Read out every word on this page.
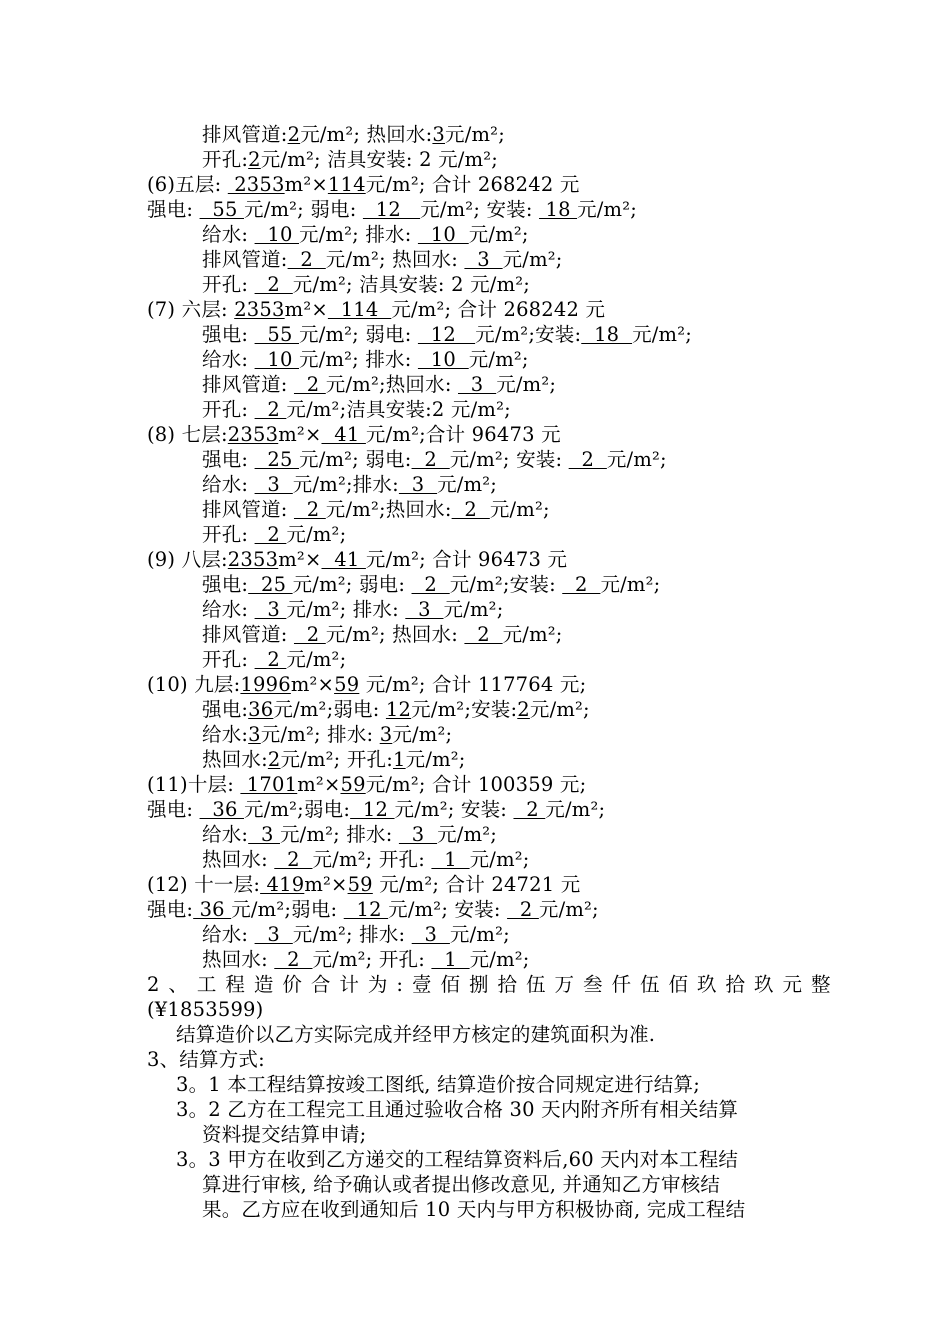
排风管道:2元/m²; 热回水:3元/m²;
开孔:2元/m²; 洁具安装: 2 元/m²;
(6)五层:  2353m²×114元/m²; 合计 268242 元
强电:   55 元/m²; 弱电:   12   元/m²; 安装:  18 元/m²;
给水:   10 元/m²; 排水:   10  元/m²;
排风管道:  2  元/m²; 热回水:   3  元/m²;
开孔:   2  元/m²; 洁具安装: 2 元/m²;
(7) 六层: 2353m²×  114  元/m²; 合计 268242 元
强电:   55 元/m²; 弱电:   12   元/m²;安装:  18  元/m²;
给水:   10 元/m²; 排水:   10  元/m²;
排风管道:   2 元/m²;热回水:   3  元/m²;
开孔:   2 元/m²;洁具安装:2 元/m²;
(8) 七层:2353m²×  41 元/m²;合计 96473 元
强电:   25 元/m²; 弱电:  2  元/m²; 安装:   2  元/m²;
给水:   3  元/m²;排水:  3  元/m²;
排风管道:   2 元/m²;热回水:  2  元/m²;
开孔:   2 元/m²;
(9) 八层:2353m²×  41 元/m²; 合计 96473 元
强电:  25 元/m²; 弱电:   2  元/m²;安装:   2  元/m²;
给水:   3 元/m²; 排水:   3  元/m²;
排风管道:   2 元/m²; 热回水:   2  元/m²;
开孔:   2 元/m²;
(10) 九层:1996m²×59 元/m²; 合计 117764 元;
强电:36元/m²;弱电: 12元/m²;安装:2元/m²;
给水:3元/m²; 排水: 3元/m²;
热回水:2元/m²; 开孔:1元/m²;
(11)十层:  1701m²×59元/m²; 合计 100359 元;
强电:   36 元/m²;弱电:  12 元/m²; 安装:   2 元/m²;
给水:  3 元/m²; 排水:   3  元/m²;
热回水:   2  元/m²; 开孔:   1  元/m²;
(12) 十一层: 419m²×59 元/m²; 合计 24721 元
强电: 36 元/m²;弱电:   12 元/m²; 安装:   2 元/m²;
给水:   3  元/m²; 排水:   3  元/m²;
热回水:   2  元/m²; 开孔:   1  元/m²;
2、工程造价合计为:壹佰捌拾伍万叁仟伍佰玖拾玖元整
(¥1853599)
结算造价以乙方实际完成并经甲方核定的建筑面积为准.
3、结算方式:
3。1 本工程结算按竣工图纸, 结算造价按合同规定进行结算;
3。2 乙方在工程完工且通过验收合格 30 天内附齐所有相关结算
资料提交结算申请;
3。3 甲方在收到乙方递交的工程结算资料后,60 天内对本工程结
算进行审核, 给予确认或者提出修改意见, 并通知乙方审核结
果。乙方应在收到通知后 10 天内与甲方积极协商, 完成工程结
